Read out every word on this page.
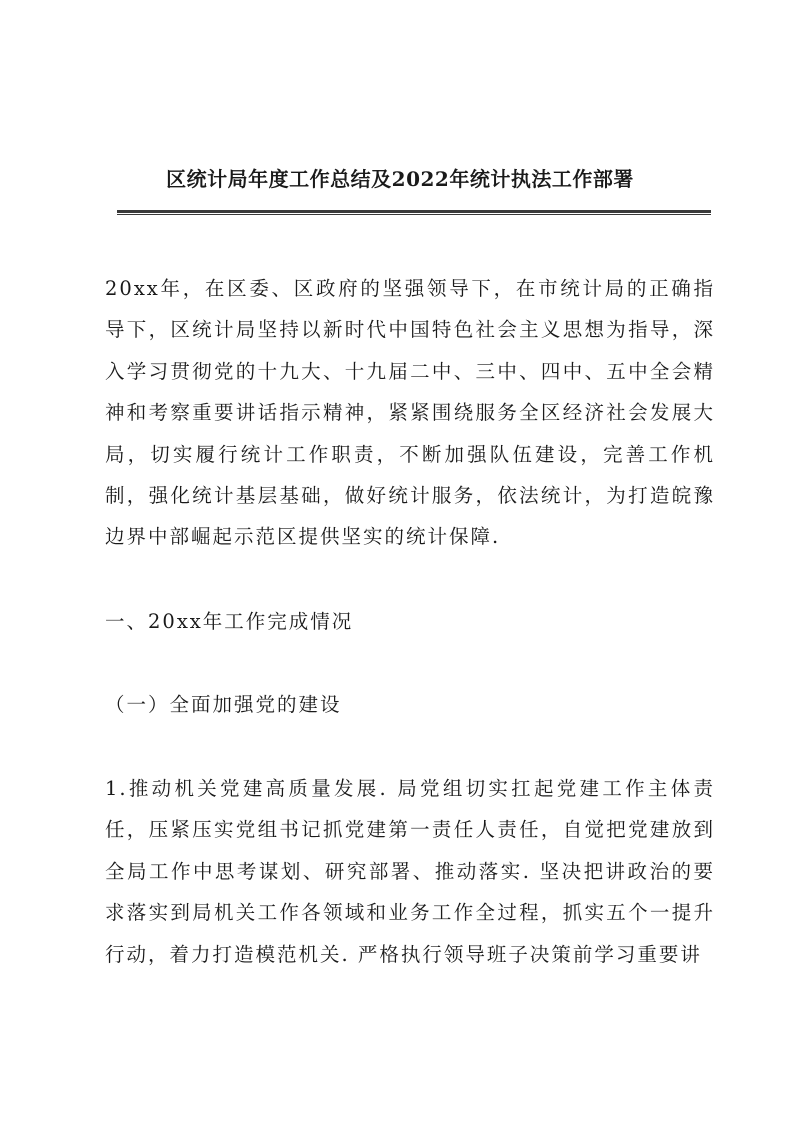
区统计局年度工作总结及2022年统计执法工作部署

20xx年，在区委、区政府的坚强领导下，在市统计局的正确指导下，区统计局坚持以新时代中国特色社会主义思想为指导，深入学习贯彻党的十九大、十九届二中、三中、四中、五中全会精神和考察重要讲话指示精神，紧紧围绕服务全区经济社会发展大局，切实履行统计工作职责，不断加强队伍建设，完善工作机制，强化统计基层基础，做好统计服务，依法统计，为打造皖豫边界中部崛起示范区提供坚实的统计保障.

一、20xx年工作完成情况

（一）全面加强党的建设

1.推动机关党建高质量发展. 局党组切实扛起党建工作主体责任，压紧压实党组书记抓党建第一责任人责任，自觉把党建放到全局工作中思考谋划、研究部署、推动落实. 坚决把讲政治的要求落实到局机关工作各领域和业务工作全过程，抓实五个一提升行动，着力打造模范机关. 严格执行领导班子决策前学习重要讲
